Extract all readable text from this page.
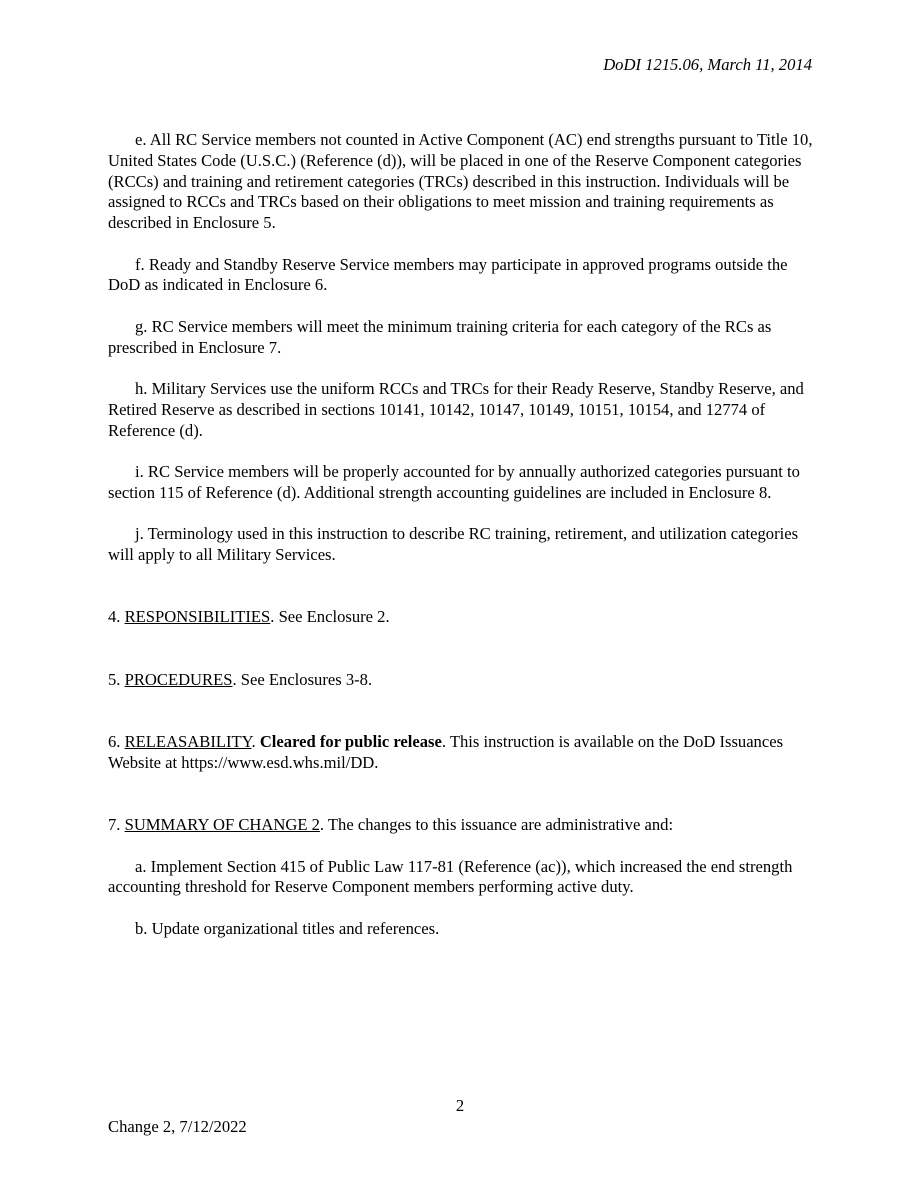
DoDI 1215.06, March 11, 2014

e. All RC Service members not counted in Active Component (AC) end strengths pursuant to Title 10, United States Code (U.S.C.) (Reference (d)), will be placed in one of the Reserve Component categories (RCCs) and training and retirement categories (TRCs) described in this instruction. Individuals will be assigned to RCCs and TRCs based on their obligations to meet mission and training requirements as described in Enclosure 5.

f. Ready and Standby Reserve Service members may participate in approved programs outside the DoD as indicated in Enclosure 6.

g. RC Service members will meet the minimum training criteria for each category of the RCs as prescribed in Enclosure 7.

h. Military Services use the uniform RCCs and TRCs for their Ready Reserve, Standby Reserve, and Retired Reserve as described in sections 10141, 10142, 10147, 10149, 10151, 10154, and 12774 of Reference (d).

i. RC Service members will be properly accounted for by annually authorized categories pursuant to section 115 of Reference (d). Additional strength accounting guidelines are included in Enclosure 8.

j. Terminology used in this instruction to describe RC training, retirement, and utilization categories will apply to all Military Services.

4. RESPONSIBILITIES. See Enclosure 2.

5. PROCEDURES. See Enclosures 3-8.

6. RELEASABILITY. Cleared for public release. This instruction is available on the DoD Issuances Website at https://www.esd.whs.mil/DD.

7. SUMMARY OF CHANGE 2. The changes to this issuance are administrative and:

a. Implement Section 415 of Public Law 117-81 (Reference (ac)), which increased the end strength accounting threshold for Reserve Component members performing active duty.

b. Update organizational titles and references.

2
Change 2, 7/12/2022
